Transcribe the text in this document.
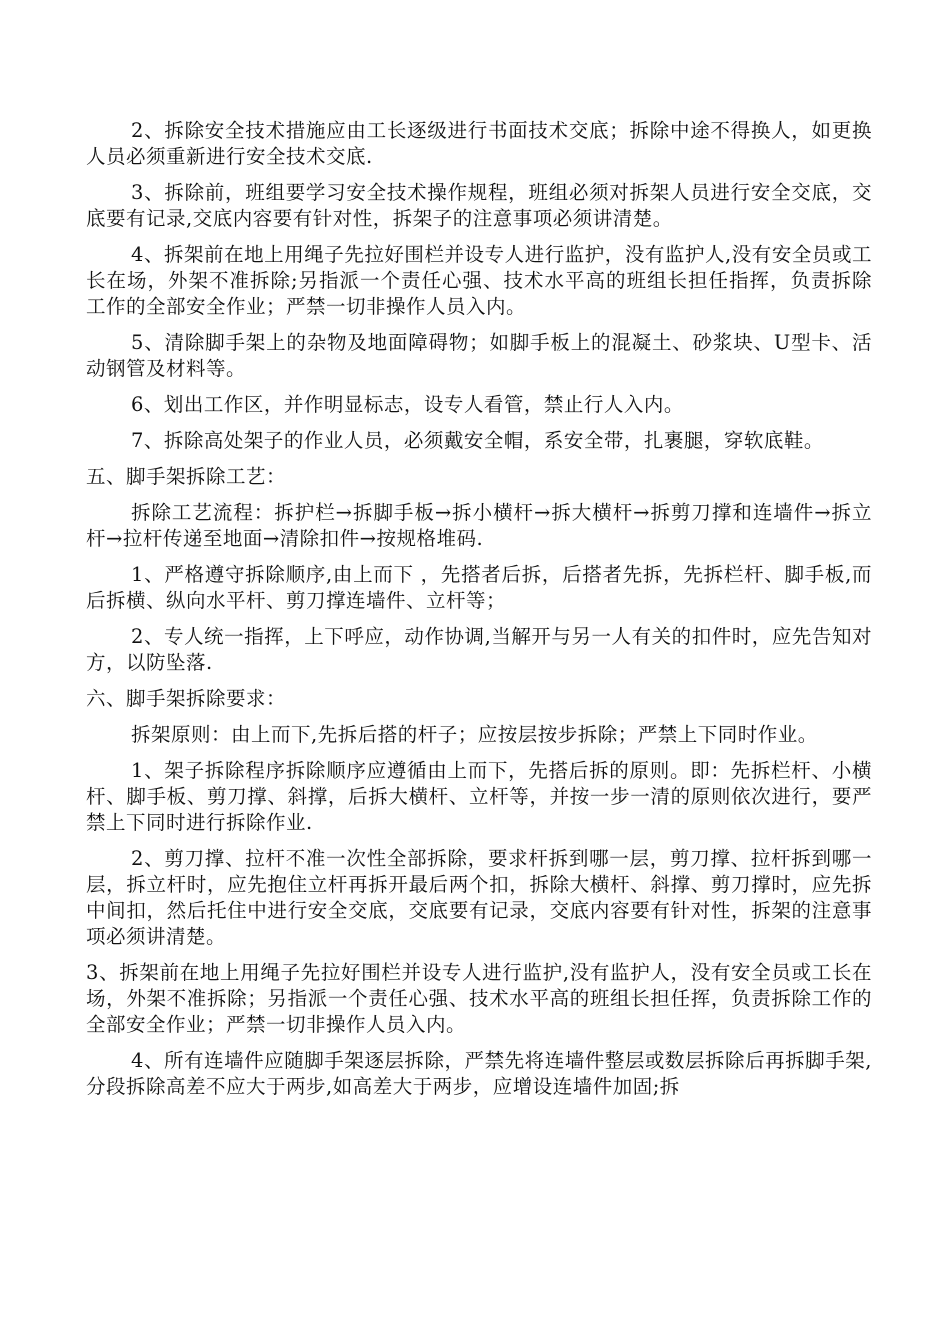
2、拆除安全技术措施应由工长逐级进行书面技术交底；拆除中途不得换人，如更换人员必须重新进行安全技术交底.

3、拆除前，班组要学习安全技术操作规程，班组必须对拆架人员进行安全交底，交底要有记录,交底内容要有针对性，拆架子的注意事项必须讲清楚。

4、拆架前在地上用绳子先拉好围栏并设专人进行监护，没有监护人,没有安全员或工长在场，外架不准拆除;另指派一个责任心强、技术水平高的班组长担任指挥，负责拆除工作的全部安全作业；严禁一切非操作人员入内。

5、清除脚手架上的杂物及地面障碍物；如脚手板上的混凝土、砂浆块、U型卡、活动钢管及材料等。

6、划出工作区，并作明显标志，设专人看管，禁止行人入内。

7、拆除高处架子的作业人员，必须戴安全帽，系安全带，扎裹腿，穿软底鞋。

五、脚手架拆除工艺：

拆除工艺流程：拆护栏→拆脚手板→拆小横杆→拆大横杆→拆剪刀撑和连墙件→拆立杆→拉杆传递至地面→清除扣件→按规格堆码.

1、严格遵守拆除顺序,由上而下 ，先搭者后拆，后搭者先拆，先拆栏杆、脚手板,而后拆横、纵向水平杆、剪刀撑连墙件、立杆等；

2、专人统一指挥，上下呼应，动作协调,当解开与另一人有关的扣件时，应先告知对方，以防坠落.

六、脚手架拆除要求：

拆架原则：由上而下,先拆后搭的杆子；应按层按步拆除；严禁上下同时作业。

1、架子拆除程序拆除顺序应遵循由上而下，先搭后拆的原则。即：先拆栏杆、小横杆、脚手板、剪刀撑、斜撑，后拆大横杆、立杆等，并按一步一清的原则依次进行，要严禁上下同时进行拆除作业.

2、剪刀撑、拉杆不准一次性全部拆除，要求杆拆到哪一层，剪刀撑、拉杆拆到哪一层，拆立杆时，应先抱住立杆再拆开最后两个扣，拆除大横杆、斜撑、剪刀撑时，应先拆中间扣，然后托住中进行安全交底，交底要有记录，交底内容要有针对性，拆架的注意事项必须讲清楚。

3、拆架前在地上用绳子先拉好围栏并设专人进行监护,没有监护人，没有安全员或工长在场，外架不准拆除；另指派一个责任心强、技术水平高的班组长担任挥，负责拆除工作的全部安全作业；严禁一切非操作人员入内。

4、所有连墙件应随脚手架逐层拆除，严禁先将连墙件整层或数层拆除后再拆脚手架,分段拆除高差不应大于两步,如高差大于两步，应增设连墙件加固;拆
